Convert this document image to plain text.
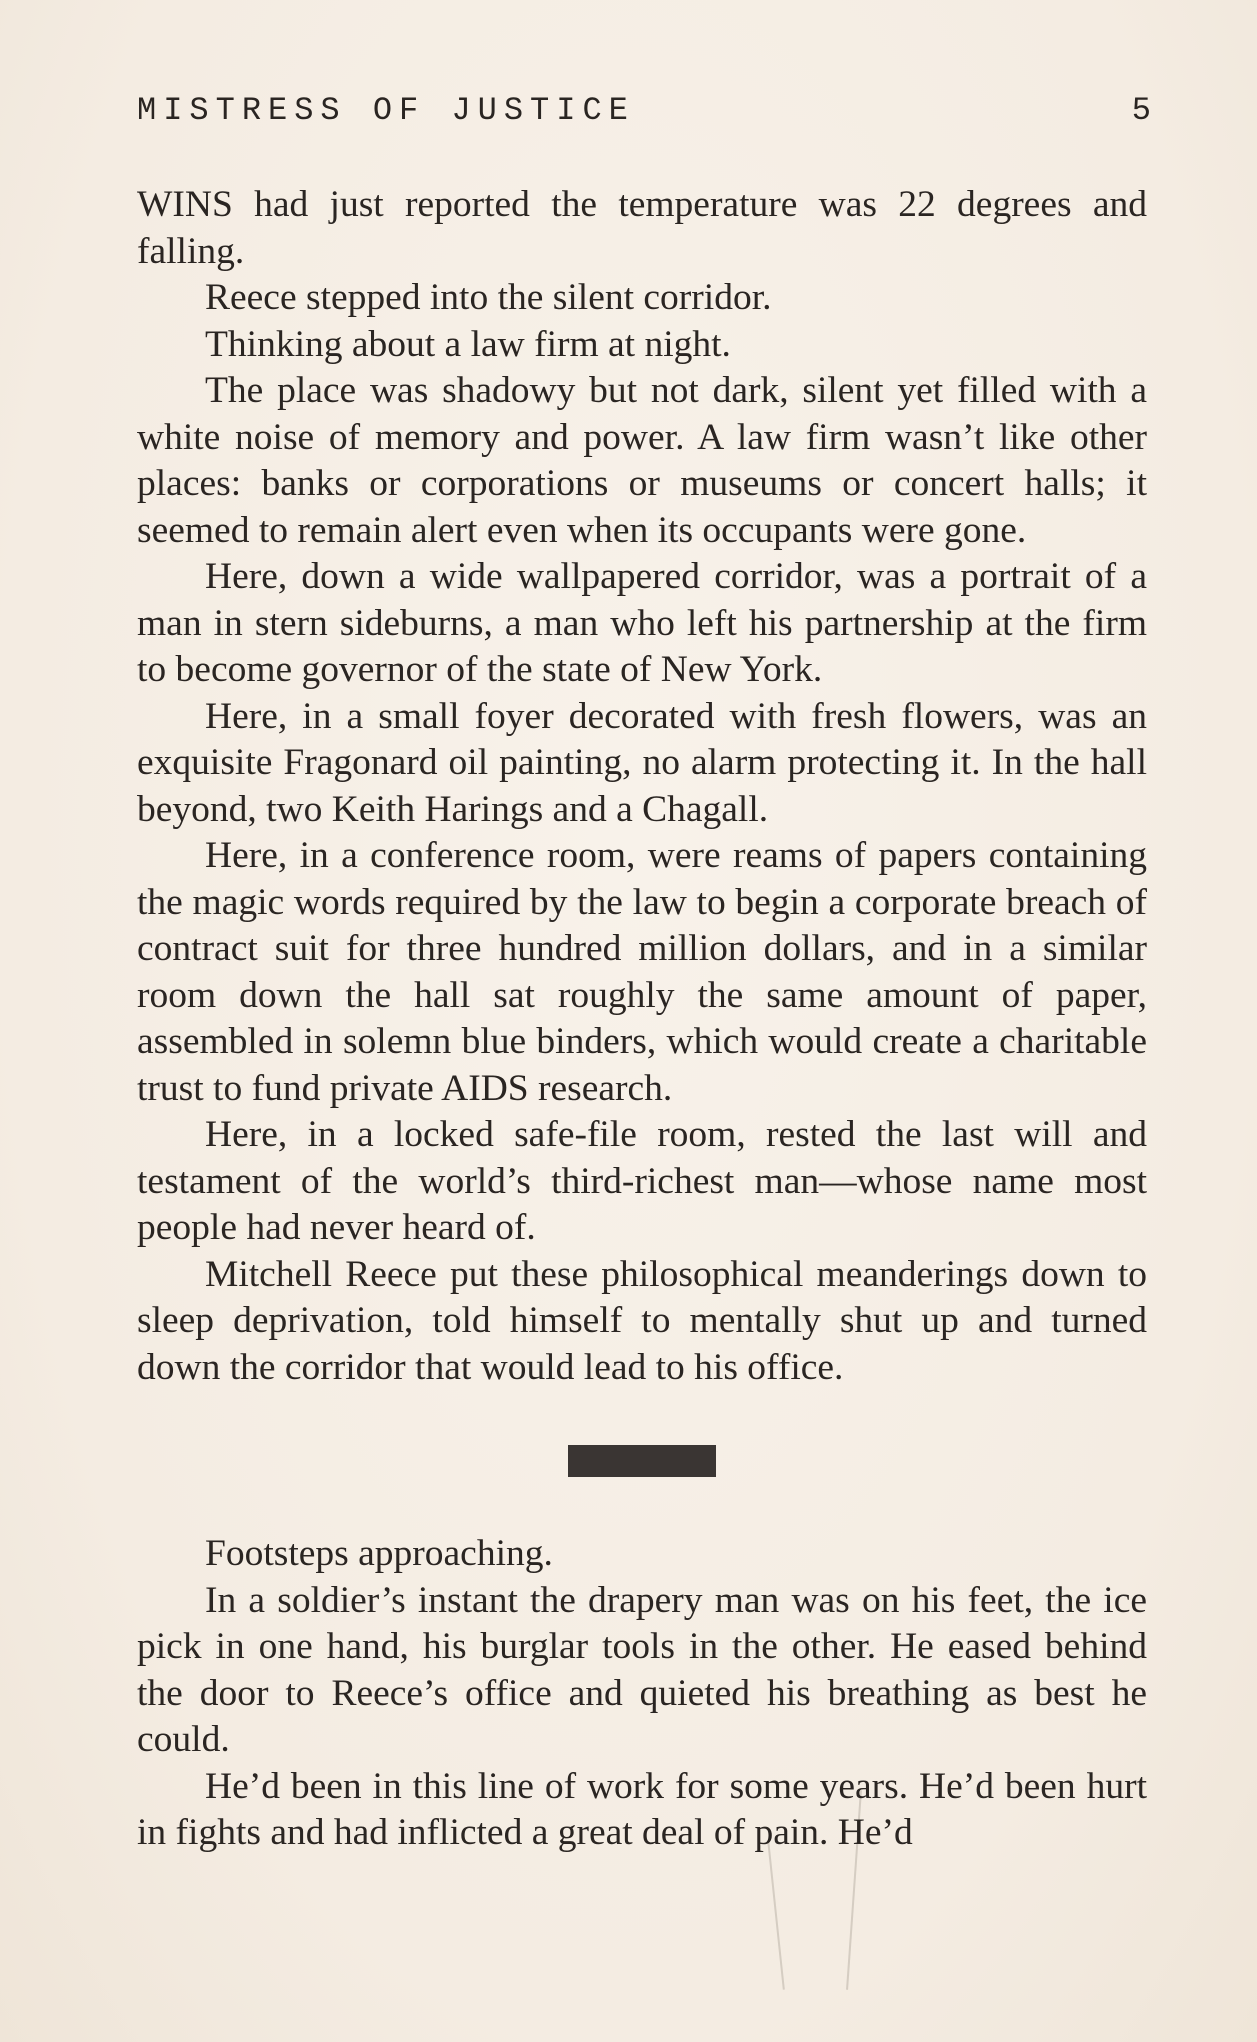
MISTRESS OF JUSTICE	5

WINS had just reported the temperature was 22 degrees and falling.

Reece stepped into the silent corridor.

Thinking about a law firm at night.

The place was shadowy but not dark, silent yet filled with a white noise of memory and power. A law firm wasn’t like other places: banks or corporations or museums or concert halls; it seemed to remain alert even when its occupants were gone.

Here, down a wide wallpapered corridor, was a portrait of a man in stern sideburns, a man who left his partnership at the firm to become governor of the state of New York.

Here, in a small foyer decorated with fresh flowers, was an exquisite Fragonard oil painting, no alarm protecting it. In the hall beyond, two Keith Harings and a Chagall.

Here, in a conference room, were reams of papers containing the magic words required by the law to begin a corporate breach of contract suit for three hundred million dollars, and in a similar room down the hall sat roughly the same amount of paper, assembled in solemn blue binders, which would create a charitable trust to fund private AIDS research.

Here, in a locked safe-file room, rested the last will and testament of the world’s third-richest man—whose name most people had never heard of.

Mitchell Reece put these philosophical meanderings down to sleep deprivation, told himself to mentally shut up and turned down the corridor that would lead to his office.

Footsteps approaching.

In a soldier’s instant the drapery man was on his feet, the ice pick in one hand, his burglar tools in the other. He eased behind the door to Reece’s office and quieted his breathing as best he could.

He’d been in this line of work for some years. He’d been hurt in fights and had inflicted a great deal of pain. He’d
